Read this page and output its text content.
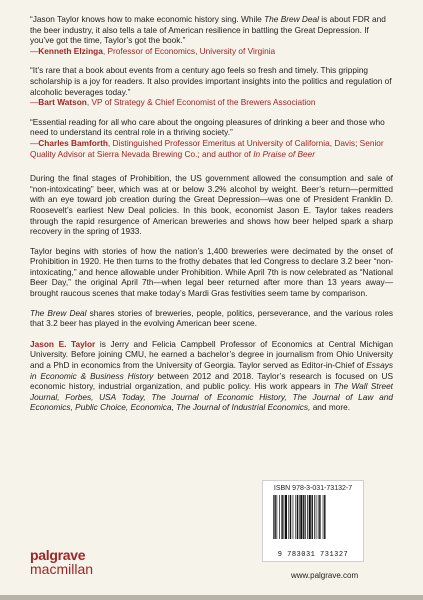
“Jason Taylor knows how to make economic history sing. While The Brew Deal is about FDR and the beer industry, it also tells a tale of American resilience in battling the Great Depression. If you’ve got the time, Taylor’s got the book.”
—Kenneth Elzinga, Professor of Economics, University of Virginia

“It’s rare that a book about events from a century ago feels so fresh and timely. This gripping scholarship is a joy for readers. It also provides important insights into the politics and regulation of alcoholic beverages today.”
—Bart Watson, VP of Strategy & Chief Economist of the Brewers Association

“Essential reading for all who care about the ongoing pleasures of drinking a beer and those who need to understand its central role in a thriving society.”
—Charles Bamforth, Distinguished Professor Emeritus at University of California, Davis; Senior Quality Advisor at Sierra Nevada Brewing Co.; and author of In Praise of Beer

During the final stages of Prohibition, the US government allowed the consumption and sale of “non-intoxicating” beer, which was at or below 3.2% alcohol by weight. Beer’s return—permitted with an eye toward job creation during the Great Depression—was one of President Franklin D. Roosevelt’s earliest New Deal policies. In this book, economist Jason E. Taylor takes readers through the rapid resurgence of American breweries and shows how beer helped spark a sharp recovery in the spring of 1933.

Taylor begins with stories of how the nation’s 1,400 breweries were decimated by the onset of Prohibition in 1920. He then turns to the frothy debates that led Congress to declare 3.2 beer “non-intoxicating,” and hence allowable under Prohibition. While April 7th is now celebrated as “National Beer Day,” the original April 7th—when legal beer returned after more than 13 years away—brought raucous scenes that make today’s Mardi Gras festivities seem tame by comparison.

The Brew Deal shares stories of breweries, people, politics, perseverance, and the various roles that 3.2 beer has played in the evolving American beer scene.

Jason E. Taylor is Jerry and Felicia Campbell Professor of Economics at Central Michigan University. Before joining CMU, he earned a bachelor’s degree in journalism from Ohio University and a PhD in economics from the University of Georgia. Taylor served as Editor-in-Chief of Essays in Economic & Business History between 2012 and 2018. Taylor’s research is focused on US economic history, industrial organization, and public policy. His work appears in The Wall Street Journal, Forbes, USA Today, The Journal of Economic History, The Journal of Law and Economics, Public Choice, Economica, The Journal of Industrial Economics, and more.

ISBN 978-3-031-73132-7
9 783031 731327
palgrave
macmillan	www.palgrave.com
